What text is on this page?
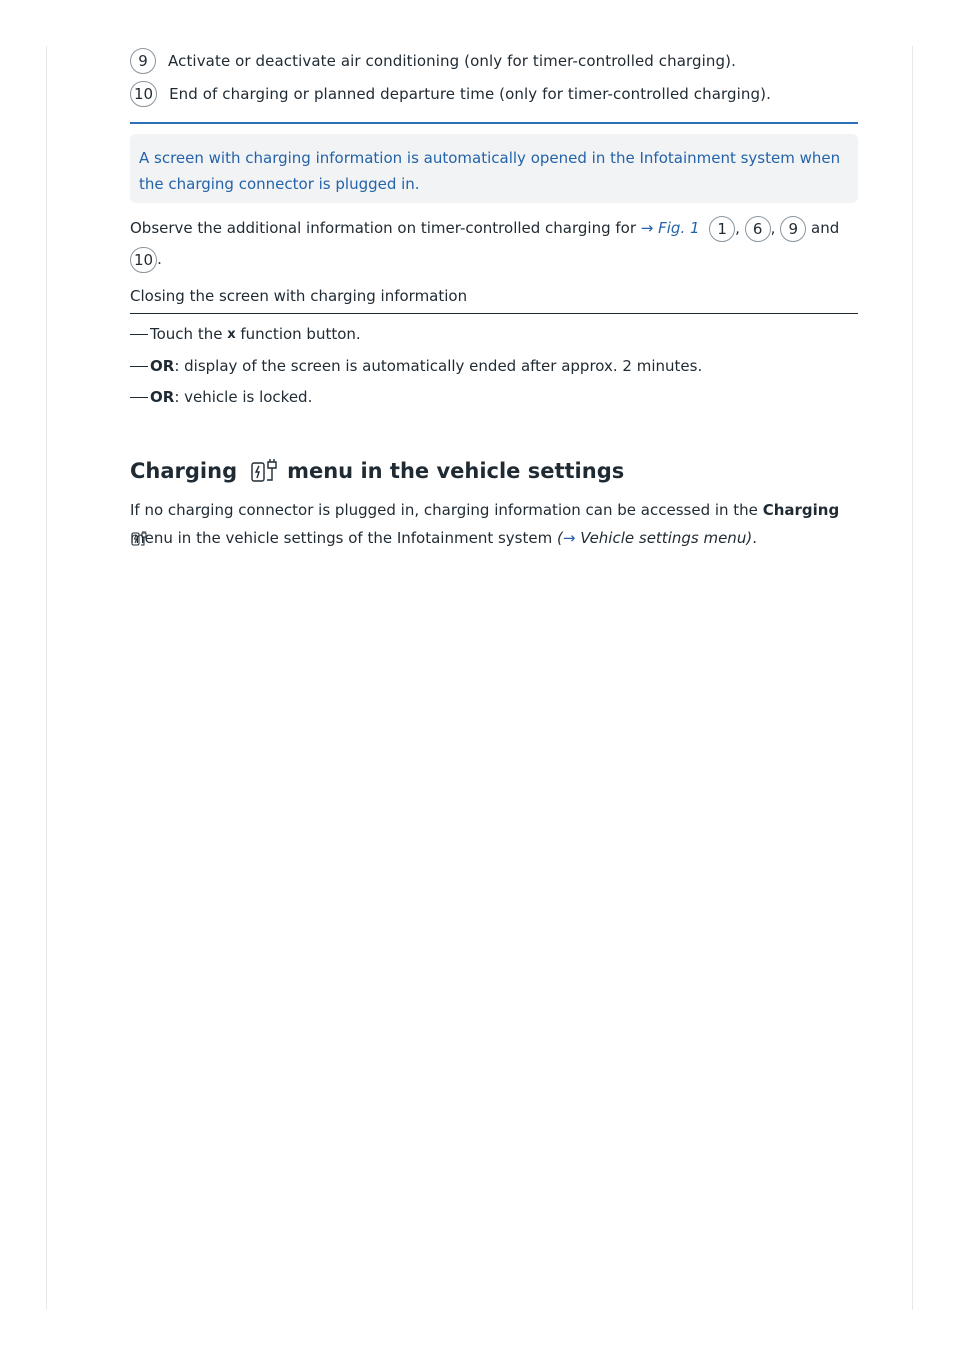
9	Activate or deactivate air conditioning (only for timer-controlled charging).
10 End of charging or planned departure time (only for timer-controlled charging).
A screen with charging information is automatically opened in the Infotainment system when
the charging connector is plugged in.
Observe the additional information on timer-controlled charging for → Fig. 1 1 , 6 , 9 and
10 .
Closing the screen with charging information
Touch the
x
function button.
OR : display of the screen is automatically ended after approx. 2 minutes.
OR : vehicle is locked.
Charging menu in the vehicle settings
If no charging connector is plugged in, charging information can be accessed in the Charging
menu in the vehicle settings of the Infotainment system (→ Vehicle settings menu).
